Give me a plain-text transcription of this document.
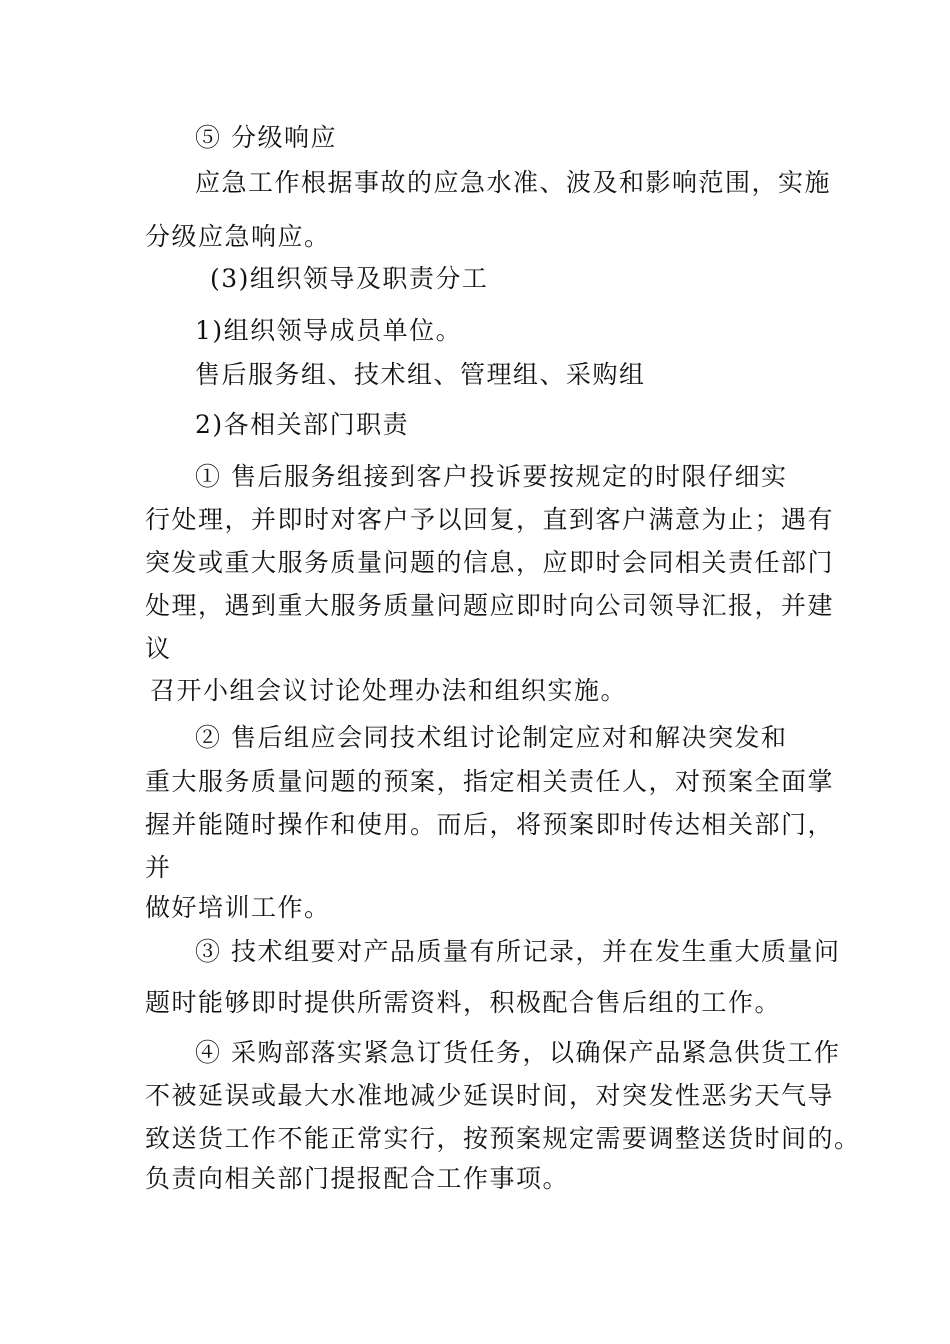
⑤ 分级响应

应急工作根据事故的应急水准、波及和影响范围，实施

分级应急响应。

(3)组织领导及职责分工

1)组织领导成员单位。

售后服务组、技术组、管理组、采购组

2)各相关部门职责

① 售后服务组接到客户投诉要按规定的时限仔细实

行处理，并即时对客户予以回复，直到客户满意为止；遇有

突发或重大服务质量问题的信息，应即时会同相关责任部门

处理，遇到重大服务质量问题应即时向公司领导汇报，并建

议

召开小组会议讨论处理办法和组织实施。

② 售后组应会同技术组讨论制定应对和解决突发和

重大服务质量问题的预案，指定相关责任人，对预案全面掌

握并能随时操作和使用。而后，将预案即时传达相关部门，

并

做好培训工作。

③ 技术组要对产品质量有所记录，并在发生重大质量问

题时能够即时提供所需资料，积极配合售后组的工作。

④ 采购部落实紧急订货任务，以确保产品紧急供货工作

不被延误或最大水准地减少延误时间，对突发性恶劣天气导

致送货工作不能正常实行，按预案规定需要调整送货时间的。

负责向相关部门提报配合工作事项。
